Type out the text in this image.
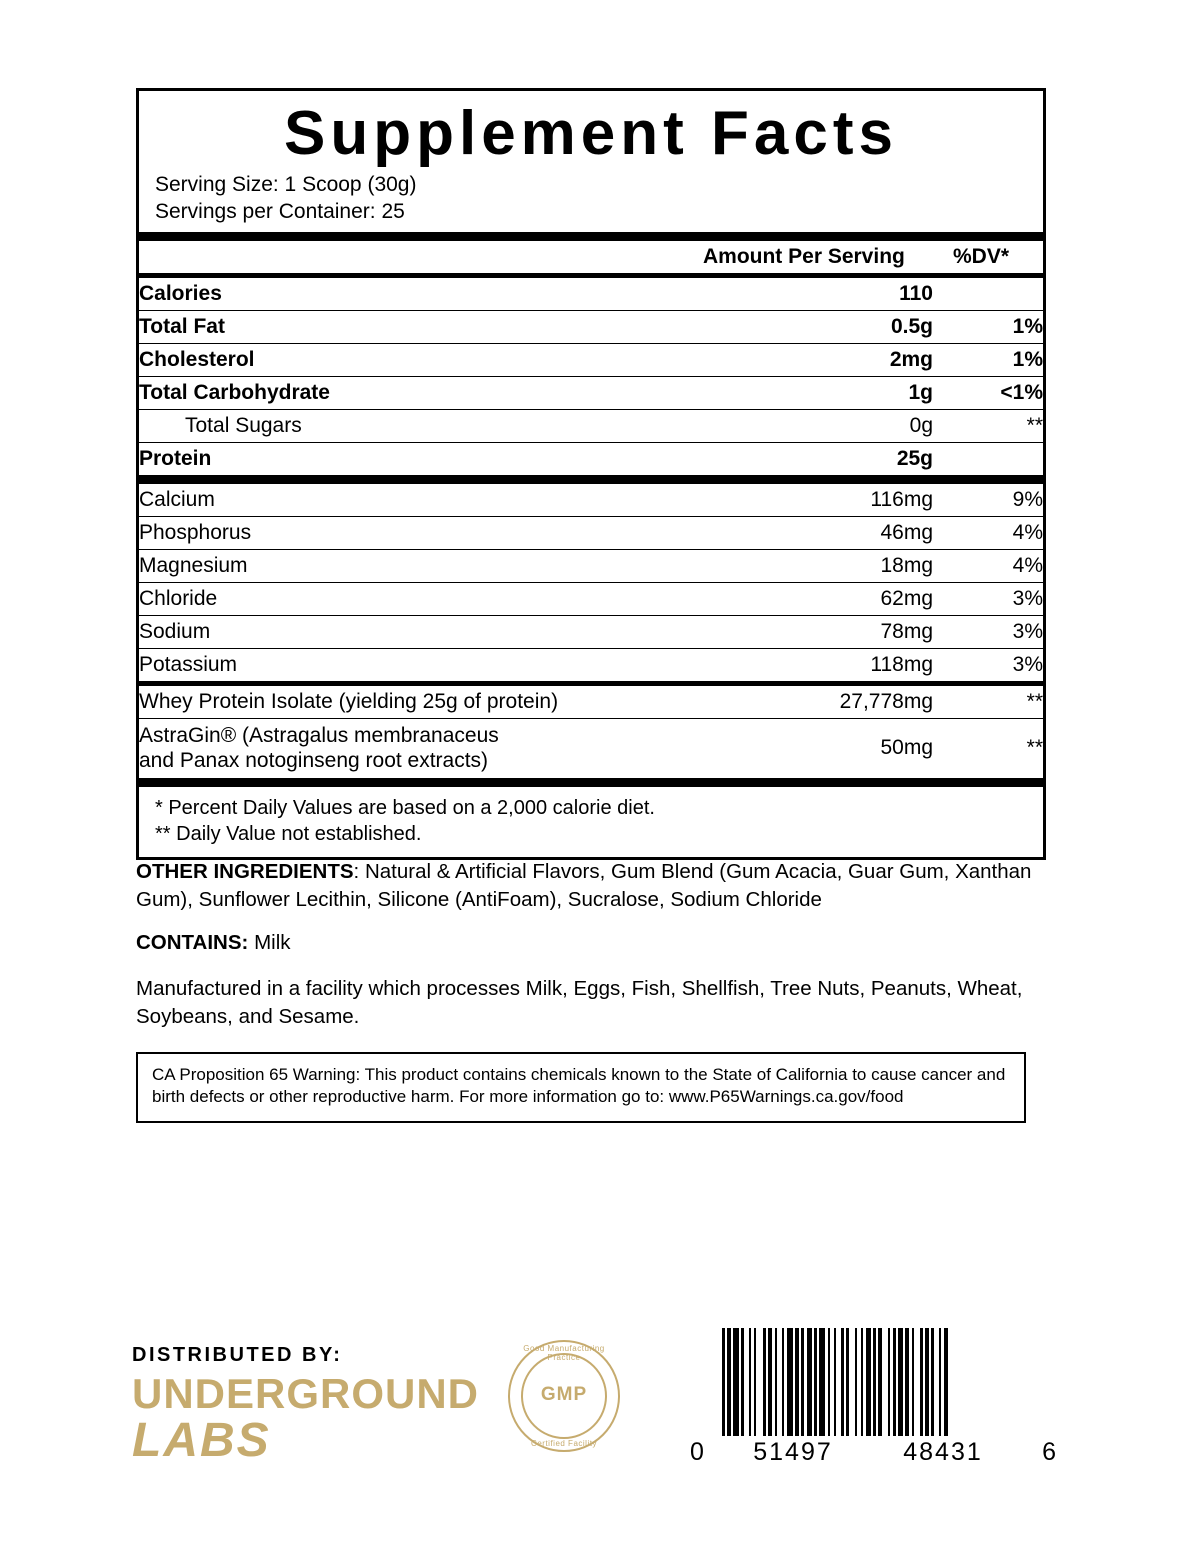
Supplement Facts
Serving Size: 1 Scoop (30g)
Servings per Container: 25
	Amount Per Serving	%DV*
Calories	110	
Total Fat	0.5g	1%
Cholesterol	2mg	1%
Total Carbohydrate	1g	<1%
Total Sugars	0g	**
Protein	25g	
Calcium	116mg	9%
Phosphorus	46mg	4%
Magnesium	18mg	4%
Chloride	62mg	3%
Sodium	78mg	3%
Potassium	118mg	3%
Whey Protein Isolate (yielding 25g of protein)	27,778mg	**

AstraGin® (Astragalus membranaceus
and Panax notoginseng root extracts)	50mg	**
* Percent Daily Values are based on a 2,000 calorie diet.
** Daily Value not established.
OTHER INGREDIENTS: Natural & Artificial Flavors, Gum Blend (Gum Acacia, Guar Gum, Xanthan Gum), Sunflower Lecithin, Silicone (AntiFoam), Sucralose, Sodium Chloride
CONTAINS: Milk
Manufactured in a facility which processes Milk, Eggs, Fish, Shellfish, Tree Nuts, Peanuts, Wheat, Soybeans, and Sesame.
CA Proposition 65 Warning: This product contains chemicals known to the State of California to cause cancer and birth defects or other reproductive harm. For more information go to: www.P65Warnings.ca.gov/food
DISTRIBUTED BY:
UNDERGROUND
LABS
Good Manufacturing Practice
GMP
Certified Facility	0	51497	48431	6
